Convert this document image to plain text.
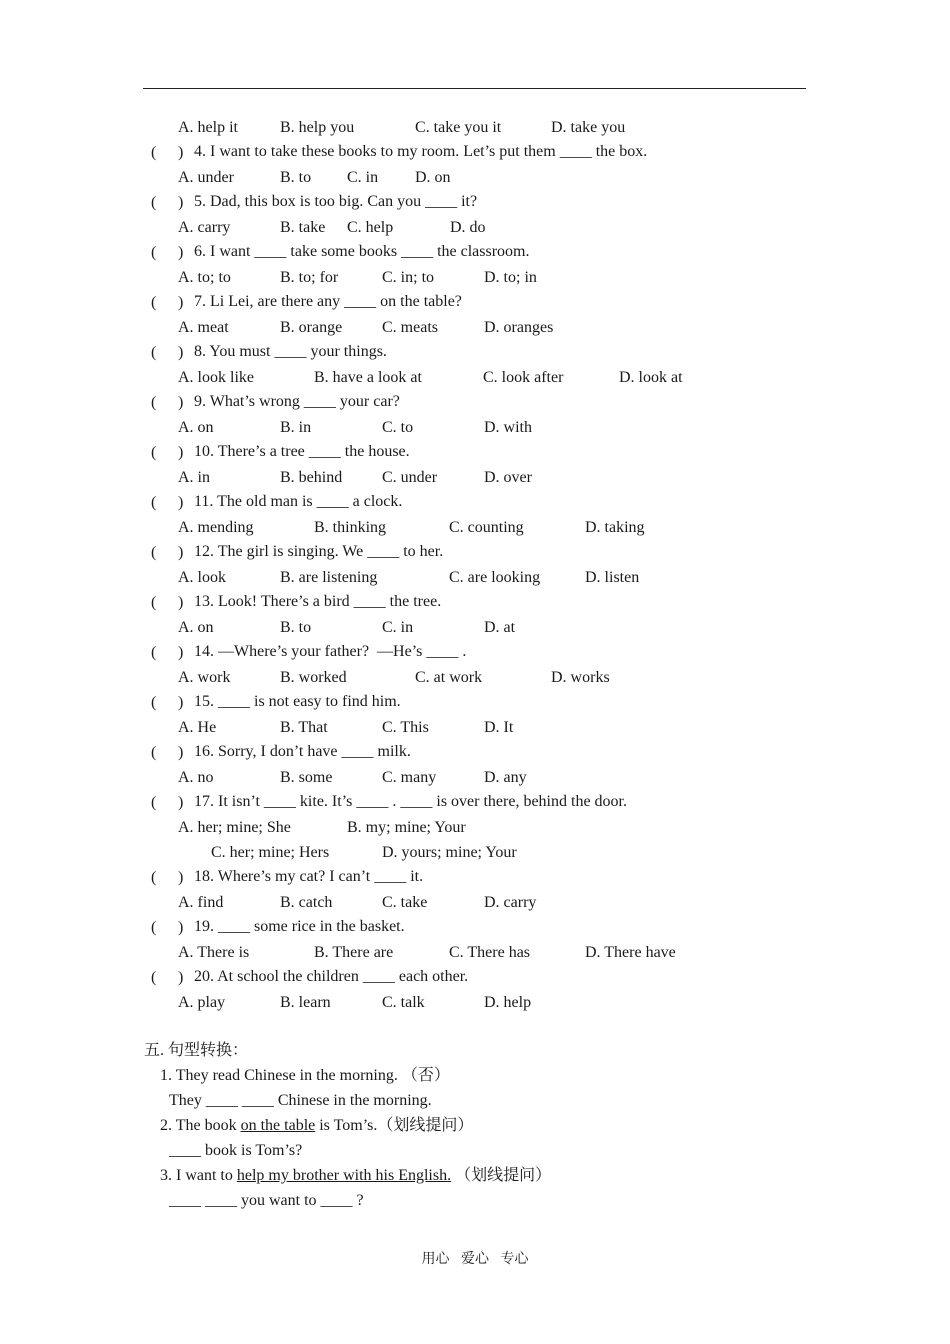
A. help it	B. help you	C. take you it	D. take you
( ) 4. I want to take these books to my room. Let’s put them ____ the box.
A. under	B. to C. in D. on
( ) 5. Dad, this box is too big. Can you ____ it?
A. carry	B. take C. help	D. do
( ) 6. I want ____ take some books ____ the classroom.
A. to; to	B. to; for	C. in; to	D. to; in
( ) 7. Li Lei, are there any ____ on the table?
A. meat	B. orange C. meats	D. oranges
( ) 8. You must ____ your things.
A. look like	B. have a look at	C. look after	D. look at
( ) 9. What’s wrong ____ your car?
A. on	B. in	C. to	D. with
( ) 10. There’s a tree ____ the house.
A. in	B. behind C. under	D. over
( ) 11. The old man is ____ a clock.
A. mending	B. thinking	C. counting	D. taking
( ) 12. The girl is singing. We ____ to her.
A. look	B. are listening	C. are looking	D. listen
( ) 13. Look! There’s a bird ____ the tree.
A. on	B. to	C. in	D. at
( ) 14. —Where’s your father?  —He’s ____ .
A. work	B. worked	C. at work	D. works
( ) 15. ____ is not easy to find him.
A. He	B. That	C. This	D. It
( ) 16. Sorry, I don’t have ____ milk.
A. no	B. some	C. many	D. any
( ) 17. It isn’t ____ kite. It’s ____ . ____ is over there, behind the door.
A. her; mine; She	B. my; mine; Your
C. her; mine; Hers	D. yours; mine; Your
( ) 18. Where’s my cat? I can’t ____ it.
A. find	B. catch	C. take	D. carry
( ) 19. ____ some rice in the basket.
A. There is	B. There are	C. There has	D. There have
( ) 20. At school the children ____ each other.
A. play	B. learn	C. talk	D. help
五. 句型转换：
1. They read Chinese in the morning. （否）
They ____ ____ Chinese in the morning.
2. The book on the table is Tom’s.（划线提问）
____ book is Tom’s?
3. I want to help my brother with his English. （划线提问）
____ ____ you want to ____ ?
用心 爱心 专心
